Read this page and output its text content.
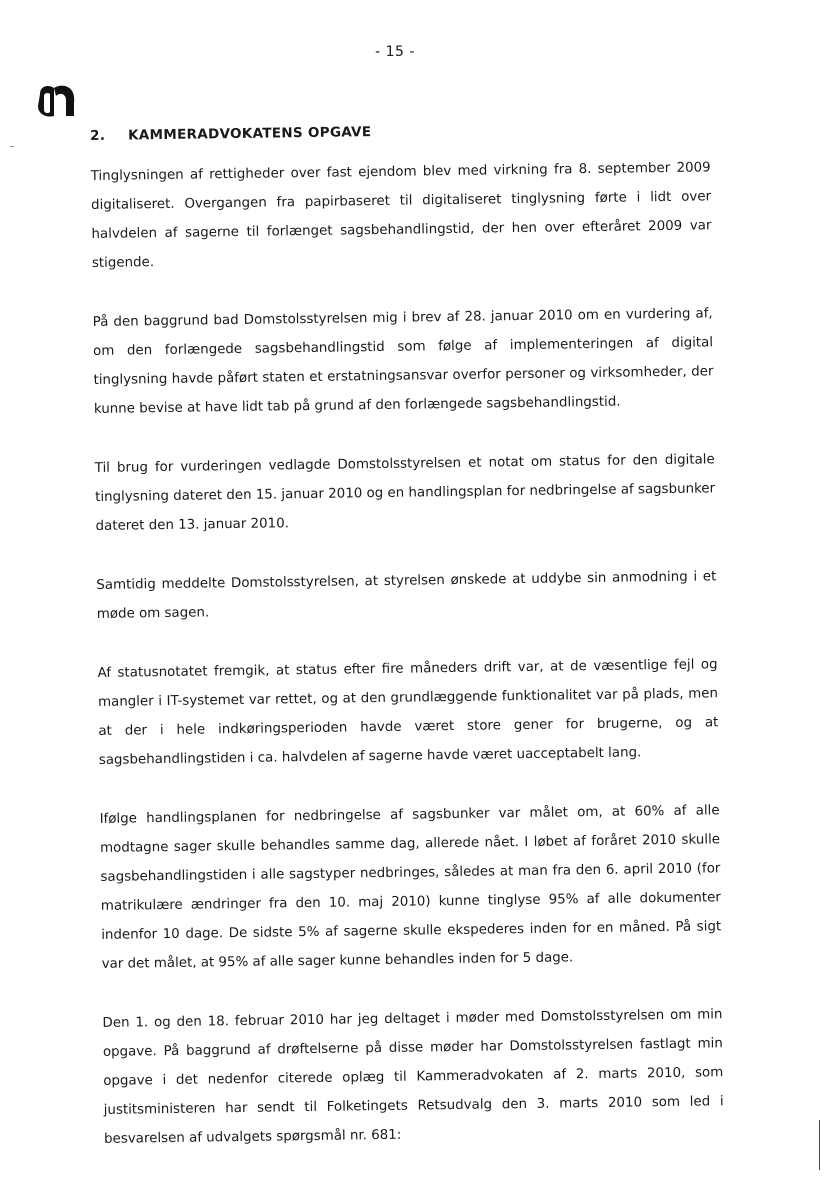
- 15 -
2. KAMMERADVOKATENS OPGAVE

Tinglysningen af rettigheder over fast ejendom blev med virkning fra 8. september 2009 digitaliseret. Overgangen fra papirbaseret til digitaliseret tinglysning førte i lidt over halvdelen af sagerne til forlænget sagsbehandlingstid, der hen over efteråret 2009 var stigende.

På den baggrund bad Domstolsstyrelsen mig i brev af 28. januar 2010 om en vurdering af, om den forlængede sagsbehandlingstid som følge af implementeringen af digital tinglysning havde påført staten et erstatningsansvar overfor personer og virksomheder, der kunne bevise at have lidt tab på grund af den forlængede sagsbehandlingstid.

Til brug for vurderingen vedlagde Domstolsstyrelsen et notat om status for den digitale tinglysning dateret den 15. januar 2010 og en handlingsplan for nedbringelse af sagsbunker dateret den 13. januar 2010.

Samtidig meddelte Domstolsstyrelsen, at styrelsen ønskede at uddybe sin anmodning i et møde om sagen.

Af statusnotatet fremgik, at status efter fire måneders drift var, at de væsentlige fejl og mangler i IT-systemet var rettet, og at den grundlæggende funktionalitet var på plads, men at der i hele indkøringsperioden havde været store gener for brugerne, og at sagsbehandlingstiden i ca. halvdelen af sagerne havde været uacceptabelt lang.

Ifølge handlingsplanen for nedbringelse af sagsbunker var målet om, at 60% af alle modtagne sager skulle behandles samme dag, allerede nået. I løbet af foråret 2010 skulle sagsbehandlingstiden i alle sagstyper nedbringes, således at man fra den 6. april 2010 (for matrikulære ændringer fra den 10. maj 2010) kunne tinglyse 95% af alle dokumenter indenfor 10 dage. De sidste 5% af sagerne skulle ekspederes inden for en måned. På sigt var det målet, at 95% af alle sager kunne behandles inden for 5 dage.

Den 1. og den 18. februar 2010 har jeg deltaget i møder med Domstolsstyrelsen om min opgave. På baggrund af drøftelserne på disse møder har Domstolsstyrelsen fastlagt min opgave i det nedenfor citerede oplæg til Kammeradvokaten af 2. marts 2010, som justitsministeren har sendt til Folketingets Retsudvalg den 3. marts 2010 som led i besvarelsen af udvalgets spørgsmål nr. 681:
